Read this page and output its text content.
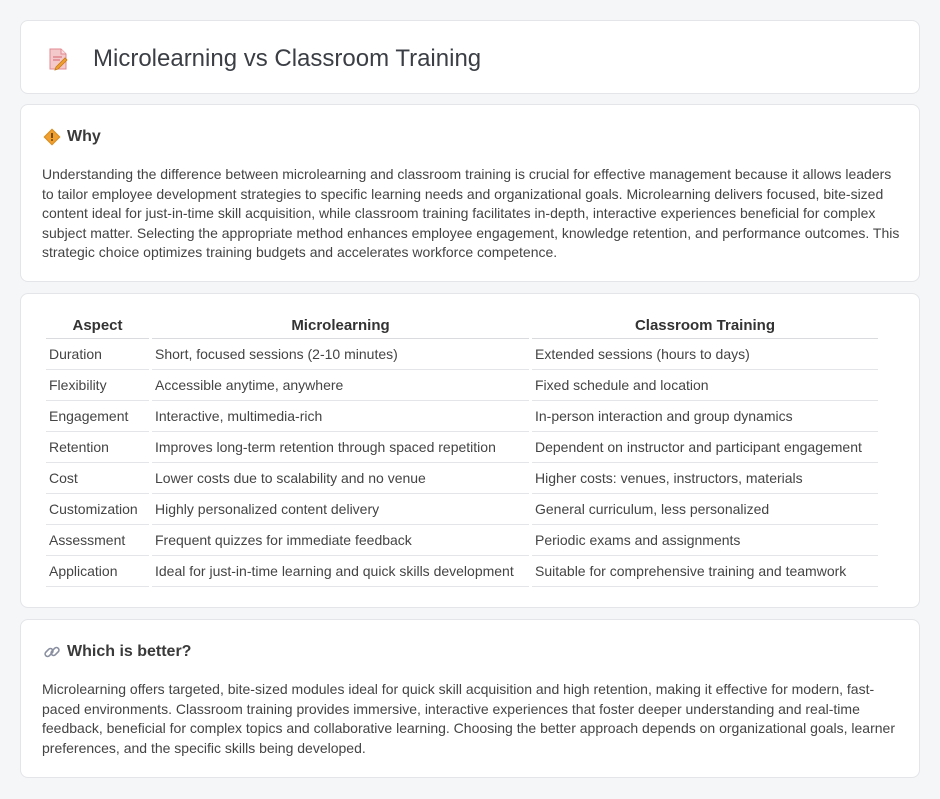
Microlearning vs Classroom Training
Why

Understanding the difference between microlearning and classroom training is crucial for effective management because it allows leaders to tailor employee development strategies to specific learning needs and organizational goals. Microlearning delivers focused, bite-sized content ideal for just-in-time skill acquisition, while classroom training facilitates in-depth, interactive experiences beneficial for complex subject matter. Selecting the appropriate method enhances employee engagement, knowledge retention, and performance outcomes. This strategic choice optimizes training budgets and accelerates workforce competence.

Aspect	Microlearning	Classroom Training
Duration	Short, focused sessions (2-10 minutes)	Extended sessions (hours to days)
Flexibility	Accessible anytime, anywhere	Fixed schedule and location
Engagement	Interactive, multimedia-rich	In-person interaction and group dynamics
Retention	Improves long-term retention through spaced repetition	Dependent on instructor and participant engagement
Cost	Lower costs due to scalability and no venue	Higher costs: venues, instructors, materials
Customization	Highly personalized content delivery	General curriculum, less personalized
Assessment	Frequent quizzes for immediate feedback	Periodic exams and assignments
Application	Ideal for just-in-time learning and quick skills development	Suitable for comprehensive training and teamwork
Which is better?

Microlearning offers targeted, bite-sized modules ideal for quick skill acquisition and high retention, making it effective for modern, fast-paced environments. Classroom training provides immersive, interactive experiences that foster deeper understanding and real-time feedback, beneficial for complex topics and collaborative learning. Choosing the better approach depends on organizational goals, learner preferences, and the specific skills being developed.
